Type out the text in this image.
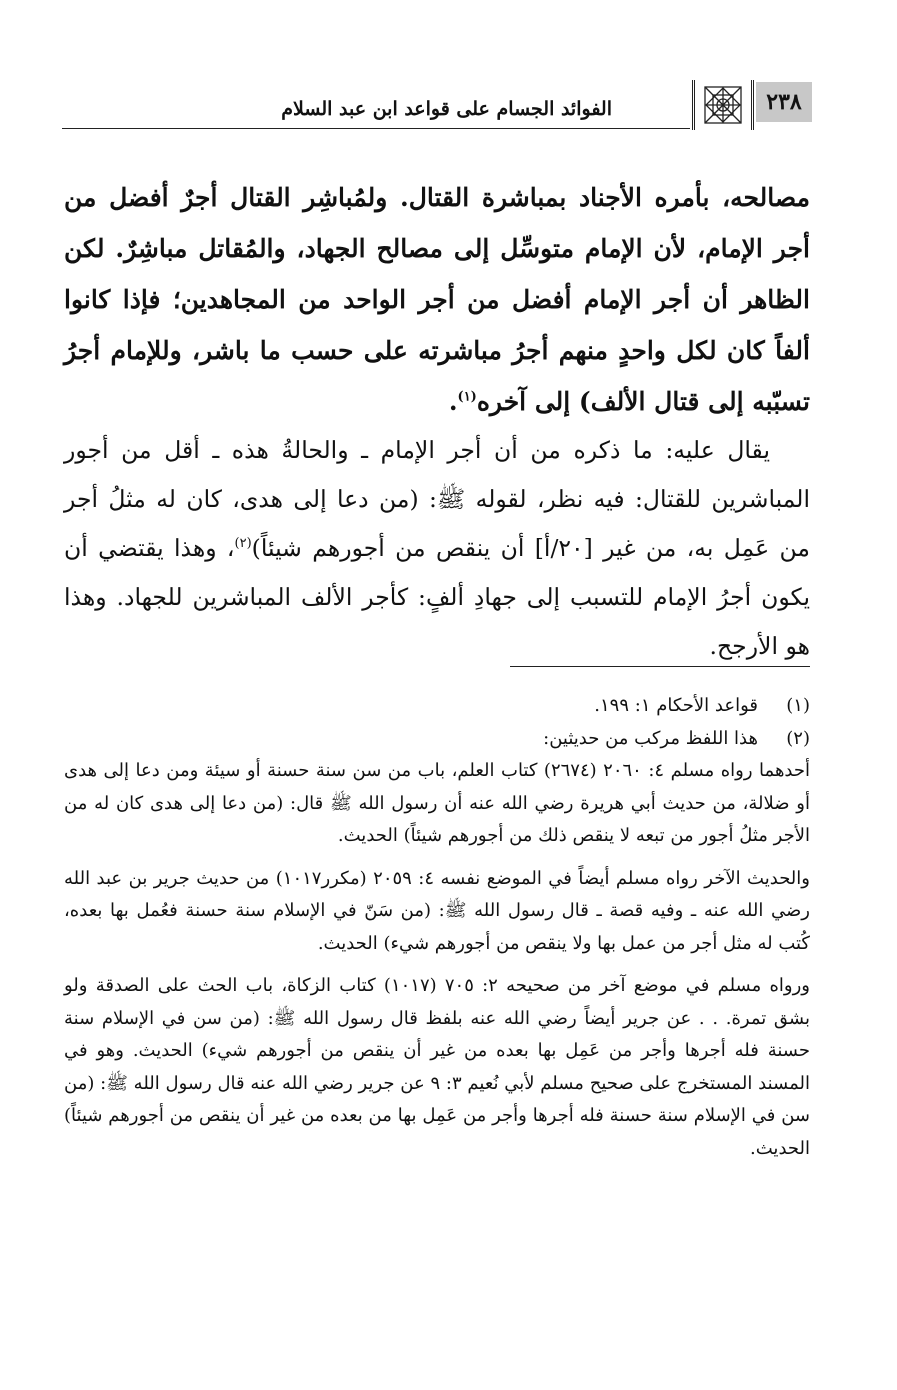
الفوائد الجسام على قواعد ابن عبد السلام	٢٣٨
مصالحه، بأمره الأجناد بمباشرة القتال. ولمُباشِر القتال أجرٌ أفضل من أجر الإمام، لأن الإمام متوسِّل إلى مصالح الجهاد، والمُقاتل مباشِرٌ. لكن الظاهر أن أجر الإمام أفضل من أجر الواحد من المجاهدين؛ فإذا كانوا ألفاً كان لكل واحدٍ منهم أجرُ مباشرته على حسب ما باشر، وللإمام أجرُ تسبّبه إلى قتال الألف) إلى آخره$^{(١)}$.
يقال عليه: ما ذكره من أن أجر الإمام ـ والحالةُ هذه ـ أقل من أجور المباشرين للقتال: فيه نظر، لقوله ﷺ: (من دعا إلى هدى، كان له مثلُ أجر من عَمِل به، من غير [٢٠/أ] أن ينقص من أجورهم شيئاً)$^{(٢)}$، وهذا يقتضي أن يكون أجرُ الإمام للتسبب إلى جهادِ ألفٍ: كأجر الألف المباشرين للجهاد. وهذا هو الأرجح.
(١)
قواعد الأحكام ١: ١٩٩.
(٢)
هذا اللفظ مركب من حديثين:

أحدهما رواه مسلم ٤: ٢٠٦٠ (٢٦٧٤) كتاب العلم، باب من سن سنة حسنة أو سيئة ومن دعا إلى هدى أو ضلالة، من حديث أبي هريرة رضي الله عنه أن رسول الله ﷺ قال: (من دعا إلى هدى كان له من الأجر مثلُ أجور من تبعه لا ينقص ذلك من أجورهم شيئاً) الحديث.

والحديث الآخر رواه مسلم أيضاً في الموضع نفسه ٤: ٢٠٥٩ (مكرر١٠١٧) من حديث جرير بن عبد الله رضي الله عنه ـ وفيه قصة ـ قال رسول الله ﷺ: (من سَنّ في الإسلام سنة حسنة فعُمل بها بعده، كُتب له مثل أجر من عمل بها ولا ينقص من أجورهم شيء) الحديث.

ورواه مسلم في موضع آخر من صحيحه ٢: ٧٠٥ (١٠١٧) كتاب الزكاة، باب الحث على الصدقة ولو بشق تمرة. . . عن جرير أيضاً رضي الله عنه بلفظ قال رسول الله ﷺ: (من سن في الإسلام سنة حسنة فله أجرها وأجر من عَمِل بها بعده من غير أن ينقص من أجورهم شيء) الحديث. وهو في المسند المستخرج على صحيح مسلم لأبي نُعيم ٣: ٩ عن جرير رضي الله عنه قال رسول الله ﷺ: (من سن في الإسلام سنة حسنة فله أجرها وأجر من عَمِل بها من بعده من غير أن ينقص من أجورهم شيئاً) الحديث.
